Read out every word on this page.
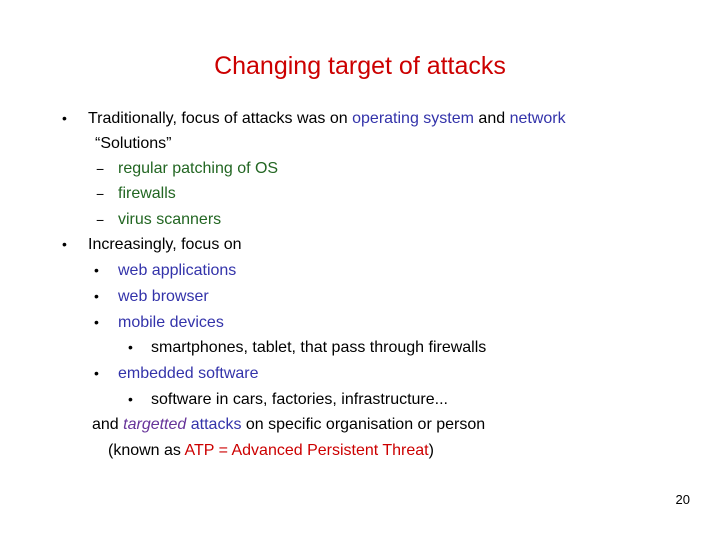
Changing target of attacks
• Traditionally, focus of attacks was on operating system and network
“Solutions”
− regular patching of OS
− firewalls
− virus scanners
• Increasingly, focus on
• web applications
• web browser
• mobile devices
• smartphones, tablet, that pass through firewalls
• embedded software
• software in cars, factories, infrastructure...
and targetted attacks on specific organisation or person
(known as ATP = Advanced Persistent Threat)
20
